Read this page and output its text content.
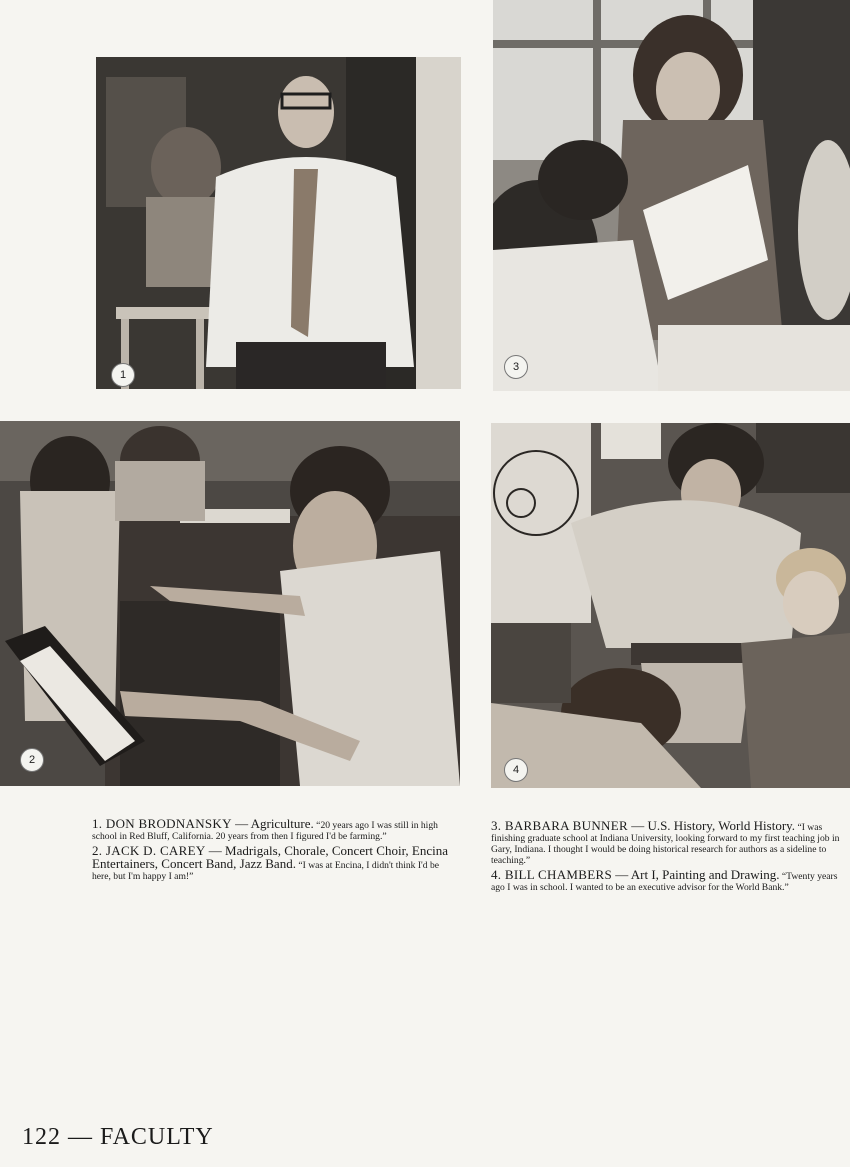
1
3
2
4

1. DON BRODNANSKY — Agriculture. “20 years ago I was still in high school in Red Bluff, California. 20 years from then I figured I'd be farming.”

2. JACK D. CAREY — Madrigals, Chorale, Concert Choir, Encina Entertainers, Concert Band, Jazz Band. “I was at Encina, I didn't think I'd be here, but I'm happy I am!”

3. BARBARA BUNNER — U.S. History, World History. “I was finishing graduate school at Indiana University, looking forward to my first teaching job in Gary, Indiana. I thought I would be doing historical research for authors as a sideline to teaching.”

4. BILL CHAMBERS — Art I, Painting and Drawing. “Twenty years ago I was in school. I wanted to be an executive advisor for the World Bank.”

122 — FACULTY
